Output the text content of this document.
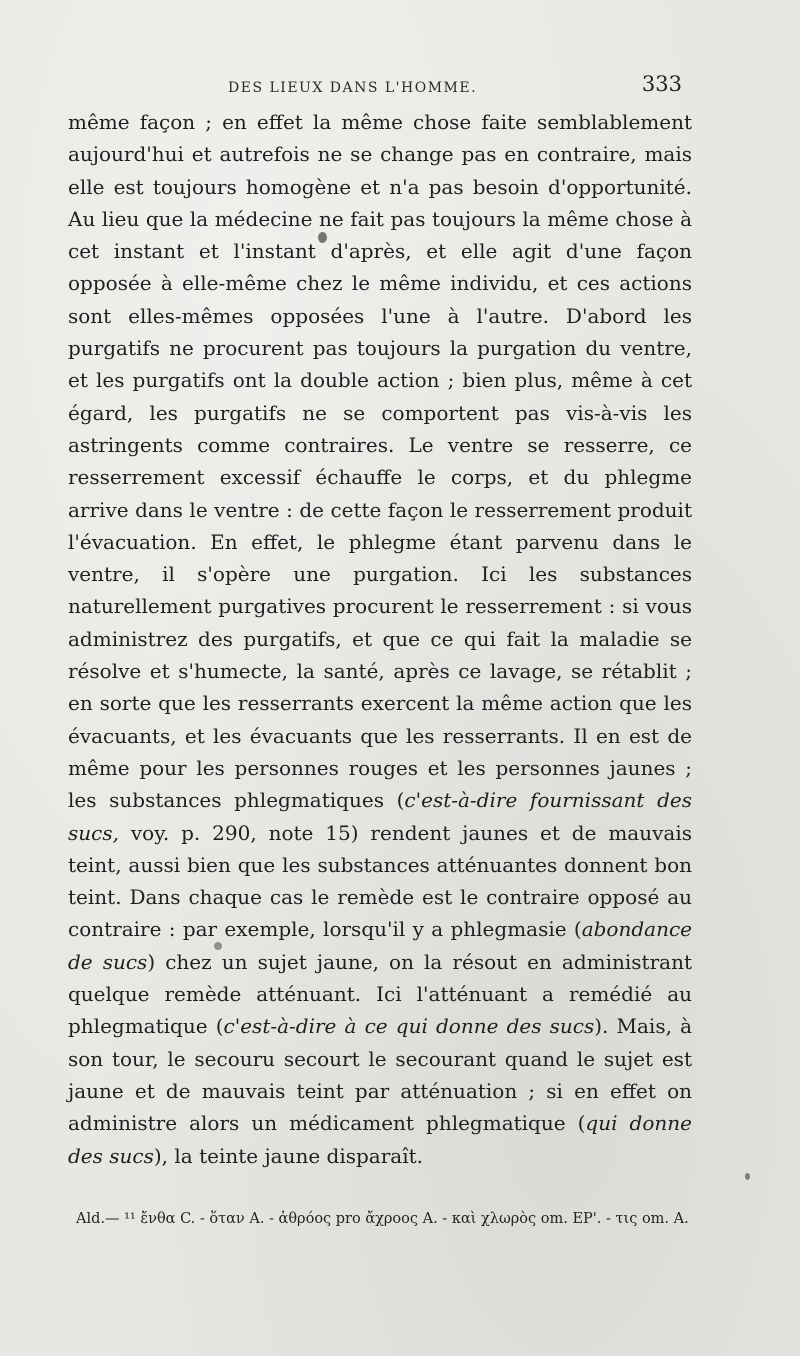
DES LIEUX DANS L'HOMME.	333

même façon ; en effet la même chose faite semblablement aujourd'hui et autrefois ne se change pas en contraire, mais elle est toujours homogène et n'a pas besoin d'opportunité. Au lieu que la médecine ne fait pas toujours la même chose à cet instant et l'instant d'après, et elle agit d'une façon opposée à elle-même chez le même individu, et ces actions sont elles-mêmes opposées l'une à l'autre. D'abord les purgatifs ne procurent pas toujours la purgation du ventre, et les purgatifs ont la double action ; bien plus, même à cet égard, les purgatifs ne se comportent pas vis-à-vis les astringents comme contraires. Le ventre se resserre, ce resserrement excessif échauffe le corps, et du phlegme arrive dans le ventre : de cette façon le resserrement produit l'évacuation. En effet, le phlegme étant parvenu dans le ventre, il s'opère une purgation. Ici les substances naturellement purgatives procurent le resserrement : si vous administrez des purgatifs, et que ce qui fait la maladie se résolve et s'humecte, la santé, après ce lavage, se rétablit ; en sorte que les resserrants exercent la même action que les évacuants, et les évacuants que les resserrants. Il en est de même pour les personnes rouges et les personnes jaunes ; les substances phlegmatiques (c'est-à-dire fournissant des sucs, voy. p. 290, note 15) rendent jaunes et de mauvais teint, aussi bien que les substances atténuantes donnent bon teint. Dans chaque cas le remède est le contraire opposé au contraire : par exemple, lorsqu'il y a phlegmasie (abondance de sucs) chez un sujet jaune, on la résout en administrant quelque remède atténuant. Ici l'atténuant a remédié au phlegmatique (c'est-à-dire à ce qui donne des sucs). Mais, à son tour, le secouru secourt le secourant quand le sujet est jaune et de mauvais teint par atténuation ; si en effet on administre alors un médicament phlegmatique (qui donne des sucs), la teinte jaune disparaît.

Ald.— ¹¹ ἔνθα C. - ὅταν A. - ἀθρόος pro ἄχροος A. - καὶ χλωρὸς om. EP'. - τις om. A.
